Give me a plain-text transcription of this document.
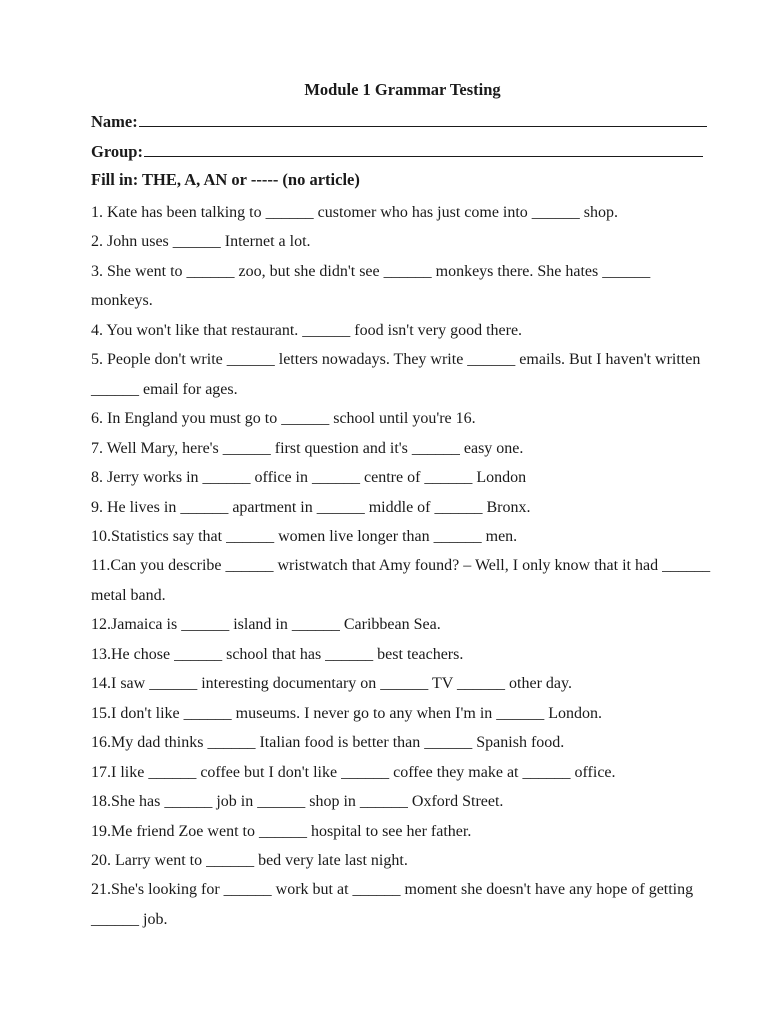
Module 1 Grammar Testing
Name:
Group:
Fill in: THE, A, AN or ----- (no article)
1. Kate has been talking to ______ customer who has just come into ______ shop.
2. John uses ______ Internet a lot.
3. She went to ______ zoo, but she didn't see ______ monkeys there. She hates ______ monkeys.
4. You won't like that restaurant. ______ food isn't very good there.
5. People don't write ______ letters nowadays. They write ______ emails. But I haven't written ______ email for ages.
6. In England you must go to ______ school until you're 16.
7. Well Mary, here's ______ first question and it's ______ easy one.
8. Jerry works in ______ office in ______ centre of ______ London
9. He lives in ______ apartment in ______ middle of ______ Bronx.
10.Statistics say that ______ women live longer than ______ men.
11.Can you describe ______ wristwatch that Amy found? – Well, I only know that it had ______ metal band.
12.Jamaica is ______ island in ______ Caribbean Sea.
13.He chose ______ school that has ______ best teachers.
14.I saw ______ interesting documentary on ______ TV ______ other day.
15.I don't like ______ museums. I never go to any when I'm in ______ London.
16.My dad thinks ______ Italian food is better than ______ Spanish food.
17.I like ______ coffee but I don't like ______ coffee they make at ______ office.
18.She has ______ job in ______ shop in ______ Oxford Street.
19.Me friend Zoe went to ______ hospital to see her father.
20. Larry went to ______ bed very late last night.
21.She's looking for ______ work but at ______ moment she doesn't have any hope of getting ______ job.
